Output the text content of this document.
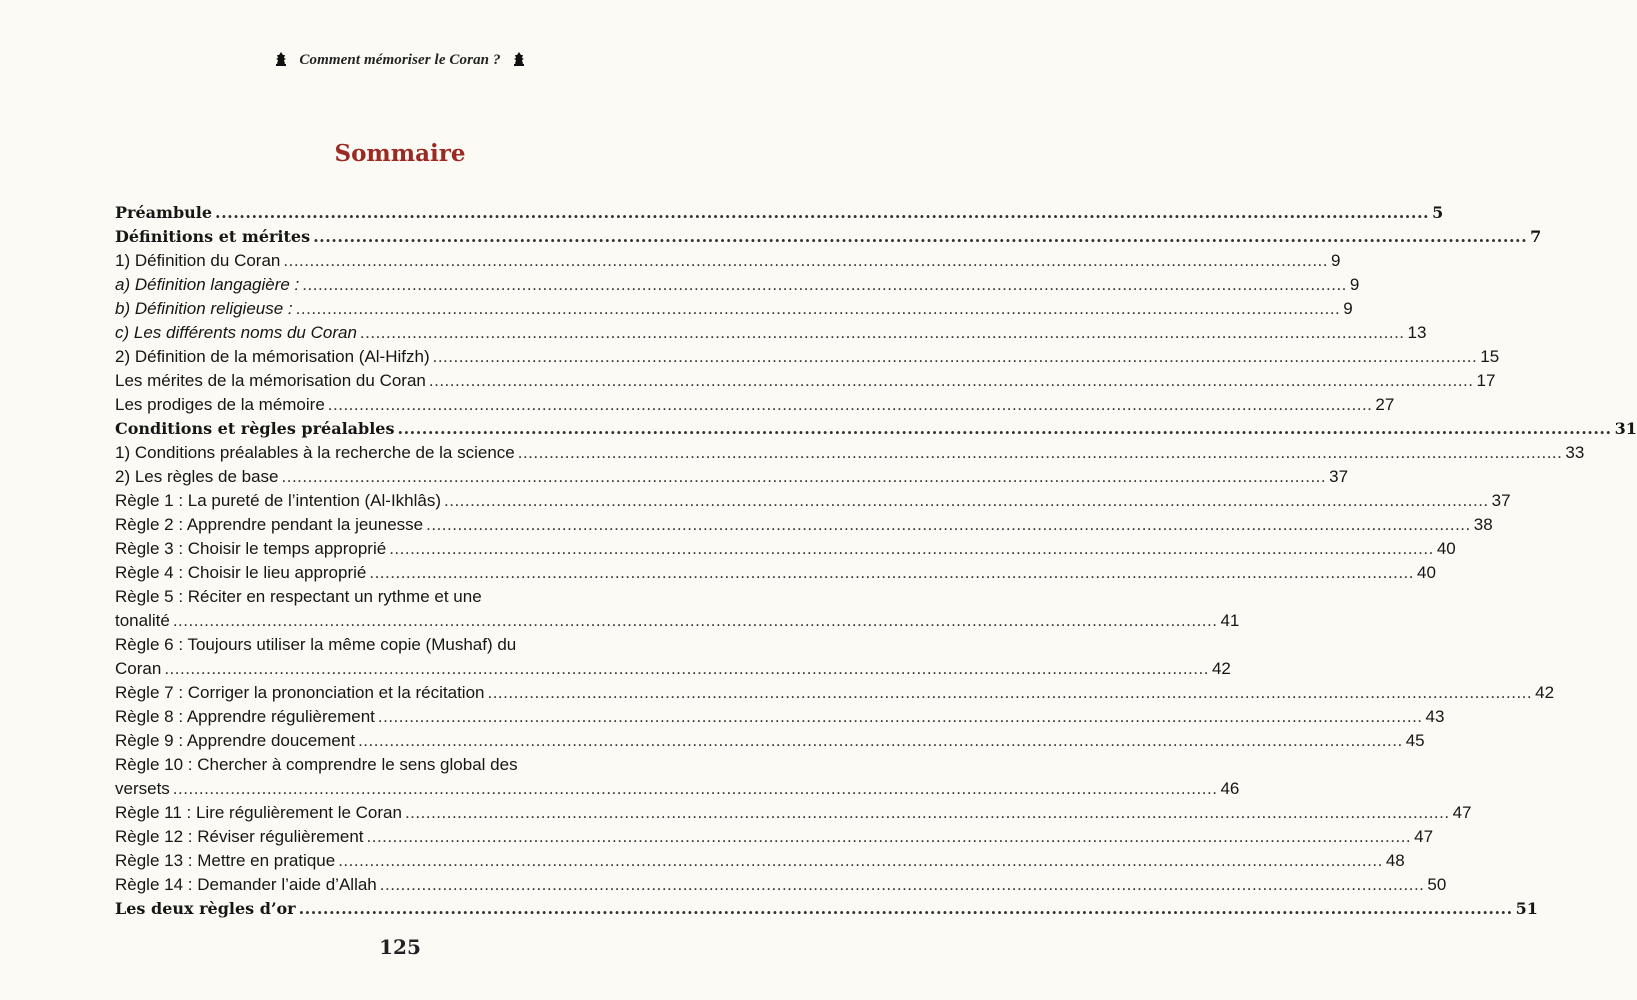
Comment mémoriser le Coran ?
Sommaire
Préambule ........................................................................................................................................................................................................ 5
Définitions et mérites ........................................................................................................................................................................................................ 7
1) Définition du Coran ........................................................................................................................................................................................................ 9
a) Définition langagière : ........................................................................................................................................................................................................ 9
b) Définition religieuse : ........................................................................................................................................................................................................ 9
c) Les différents noms du Coran ........................................................................................................................................................................................................ 13
2) Définition de la mémorisation (Al-Hifzh) ........................................................................................................................................................................................................ 15
Les mérites de la mémorisation du Coran ........................................................................................................................................................................................................ 17
Les prodiges de la mémoire ........................................................................................................................................................................................................ 27
Conditions et règles préalables ........................................................................................................................................................................................................ 31
1) Conditions préalables à la recherche de la science ........................................................................................................................................................................................................ 33
2) Les règles de base ........................................................................................................................................................................................................ 37
Règle 1 : La pureté de l’intention (Al-Ikhlâs) ........................................................................................................................................................................................................ 37
Règle 2 : Apprendre pendant la jeunesse ........................................................................................................................................................................................................ 38
Règle 3 : Choisir le temps approprié ........................................................................................................................................................................................................ 40
Règle 4 : Choisir le lieu approprié ........................................................................................................................................................................................................ 40
Règle 5 : Réciter en respectant un rythme et une
tonalité ........................................................................................................................................................................................................ 41
Règle 6 : Toujours utiliser la même copie (Mushaf) du
Coran ........................................................................................................................................................................................................ 42
Règle 7 : Corriger la prononciation et la récitation ........................................................................................................................................................................................................ 42
Règle 8 : Apprendre régulièrement ........................................................................................................................................................................................................ 43
Règle 9 : Apprendre doucement ........................................................................................................................................................................................................ 45
Règle 10 : Chercher à comprendre le sens global des
versets ........................................................................................................................................................................................................ 46
Règle 11 : Lire régulièrement le Coran ........................................................................................................................................................................................................ 47
Règle 12 : Réviser régulièrement ........................................................................................................................................................................................................ 47
Règle 13 : Mettre en pratique ........................................................................................................................................................................................................ 48
Règle 14 : Demander l’aide d’Allah ........................................................................................................................................................................................................ 50
Les deux règles d’or ........................................................................................................................................................................................................ 51
125
